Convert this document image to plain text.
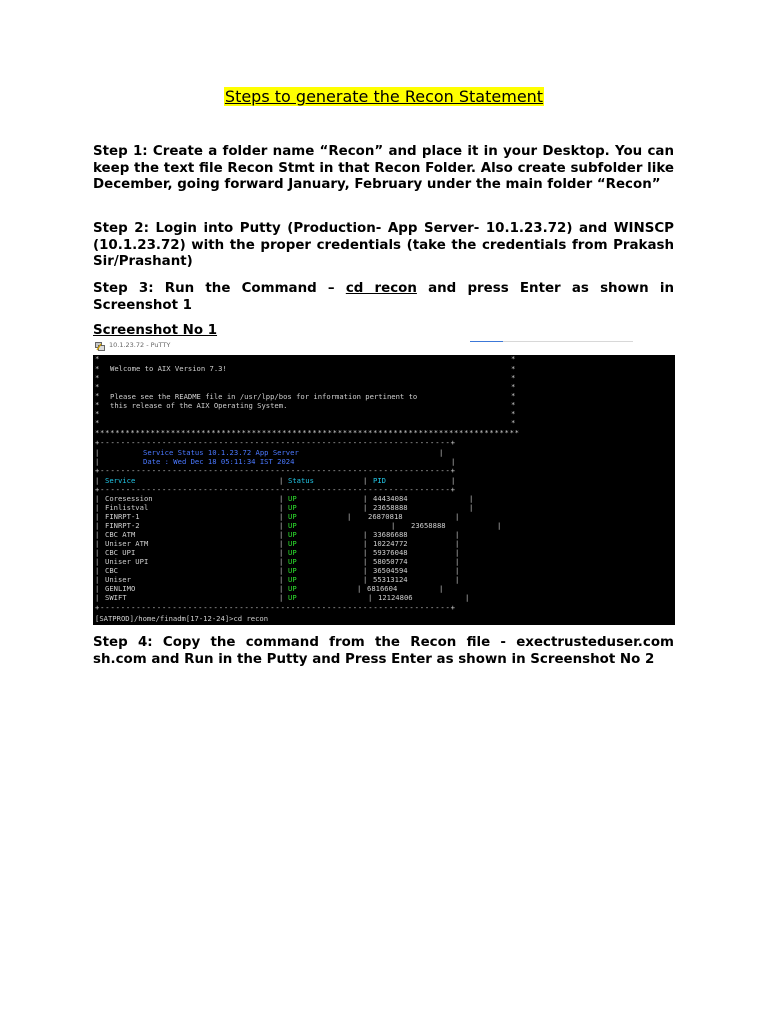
Steps to generate the Recon Statement
Step 1: Create a folder name “Recon” and place it in your Desktop. You can keep the text file Recon Stmt in that Recon Folder. Also create subfolder like December, going forward January, February under the main folder “Recon”
Step 2: Login into Putty (Production- App Server- 10.1.23.72) and WINSCP (10.1.23.72) with the proper credentials (take the credentials from Prakash Sir/Prashant)
Step 3: Run the Command – cd recon and press Enter as shown in Screenshot 1
Screenshot No 1
10.1.23.72 - PuTTY
*	*
*	*
*	*
*	*
*	*
*	*
*	*
*	*
Welcome to AIX Version 7.3!
Please see the README file in /usr/lpp/bos for information pertinent to
this release of the AIX Operating System.
************************************************************************************
+--------------------------------------------------------------------+
|	Service Status 10.1.23.72 App Server	|
|	Date : Wed Dec 18 05:11:34 IST 2024	|
+--------------------------------------------------------------------+
| Service	| Status	| PID	|
+--------------------------------------------------------------------+
| Coresession	| UP	| 44434084	|
| Finlistval	| UP	| 23658888	|
| FINRPT-1	| UP	| 26870818	|
| FINRPT-2	| UP	| 23658888	|
| CBC ATM	| UP	| 33686688	|
| Uniser ATM	| UP	| 10224772	|
| CBC UPI	| UP	| 59376048	|
| Uniser UPI	| UP	| 58050774	|
| CBC	| UP	| 36504594	|
| Uniser	| UP	| 55313124	|
| GENLIMO	| UP	| 6816604	|
| SWIFT	| UP	| 12124806	|
+--------------------------------------------------------------------+
[SATPROD]/home/finadm[17-12-24]>cd recon
Step 4: Copy the command from the Recon file - exectrusteduser.com sh.com and Run in the Putty and Press Enter as shown in Screenshot No 2
